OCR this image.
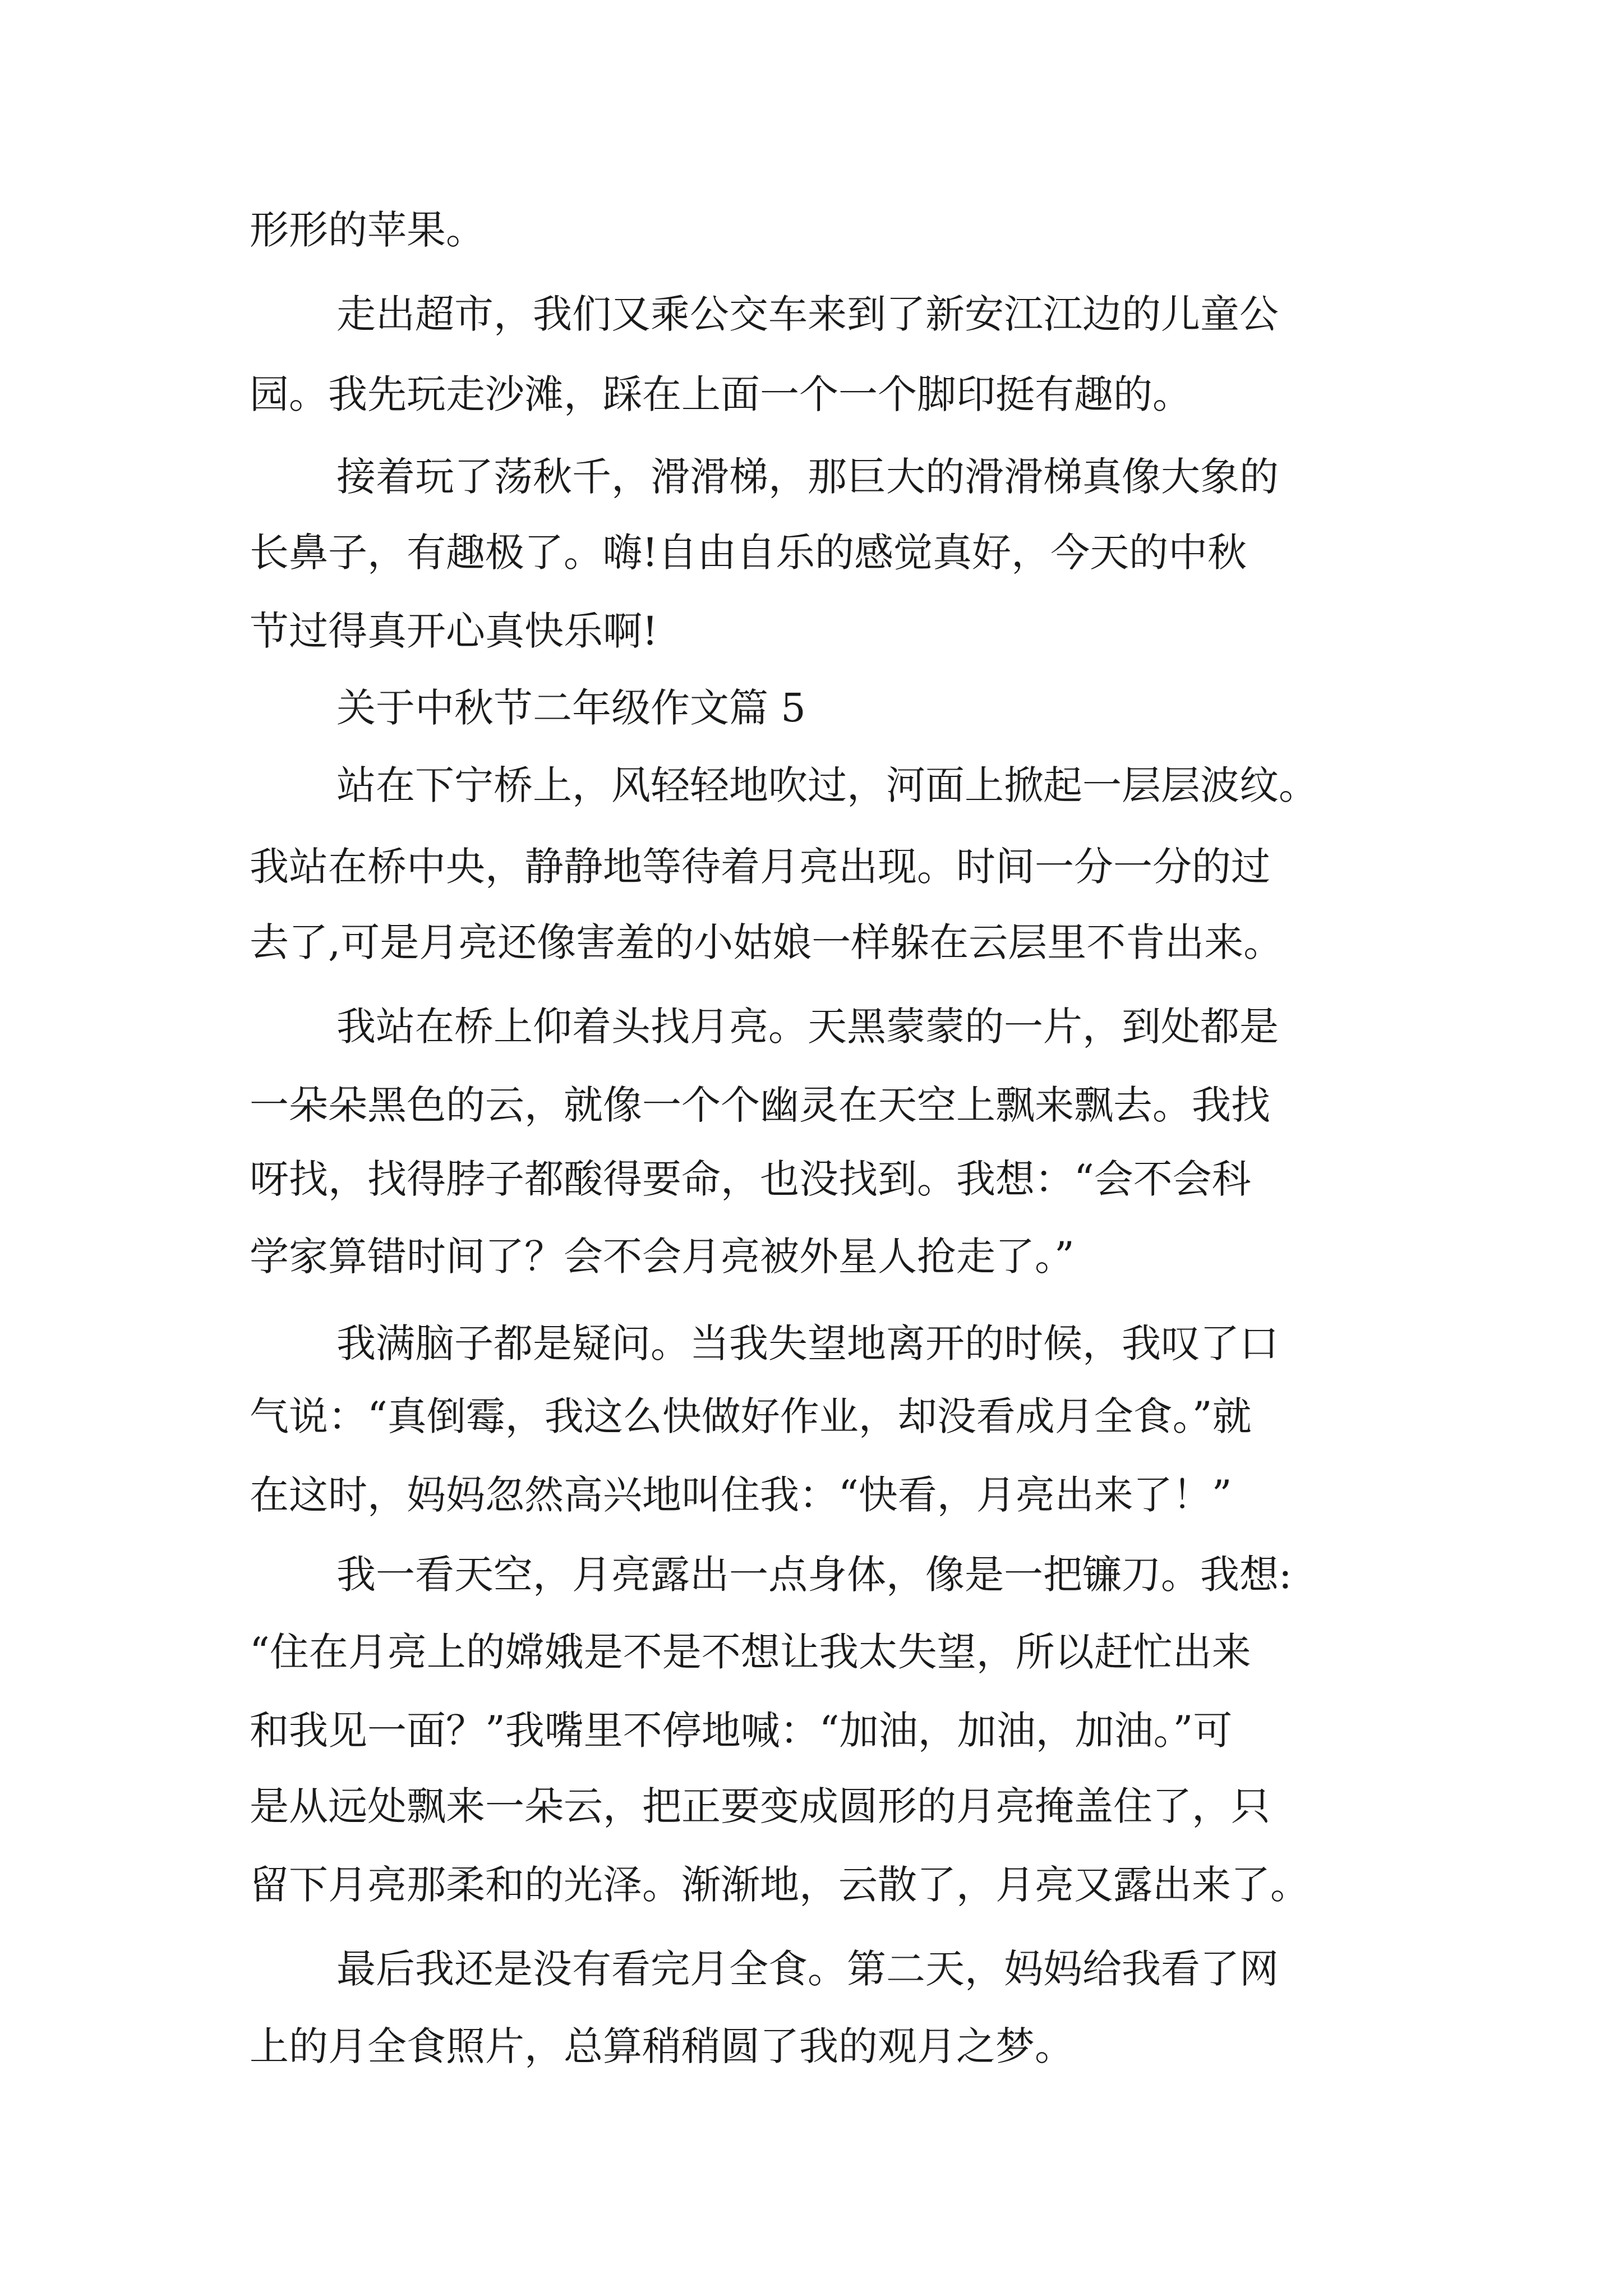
形形的苹果。
走出超市，我们又乘公交车来到了新安江江边的儿童公
园。我先玩走沙滩，踩在上面一个一个脚印挺有趣的。
接着玩了荡秋千，滑滑梯，那巨大的滑滑梯真像大象的
长鼻子，有趣极了。嗨!自由自乐的感觉真好，今天的中秋
节过得真开心真快乐啊!
关于中秋节二年级作文篇 5
站在下宁桥上，风轻轻地吹过，河面上掀起一层层波纹。
我站在桥中央，静静地等待着月亮出现。时间一分一分的过
去了,可是月亮还像害羞的小姑娘一样躲在云层里不肯出来。
我站在桥上仰着头找月亮。天黑蒙蒙的一片，到处都是
一朵朵黑色的云，就像一个个幽灵在天空上飘来飘去。我找
呀找，找得脖子都酸得要命，也没找到。我想：“会不会科
学家算错时间了？会不会月亮被外星人抢走了。”
我满脑子都是疑问。当我失望地离开的时候，我叹了口
气说：“真倒霉，我这么快做好作业，却没看成月全食。”就
在这时，妈妈忽然高兴地叫住我：“快看，月亮出来了！”
我一看天空，月亮露出一点身体，像是一把镰刀。我想:
“住在月亮上的嫦娥是不是不想让我太失望，所以赶忙出来
和我见一面？”我嘴里不停地喊：“加油，加油，加油。”可
是从远处飘来一朵云，把正要变成圆形的月亮掩盖住了，只
留下月亮那柔和的光泽。渐渐地，云散了，月亮又露出来了。
最后我还是没有看完月全食。第二天，妈妈给我看了网
上的月全食照片，总算稍稍圆了我的观月之梦。
